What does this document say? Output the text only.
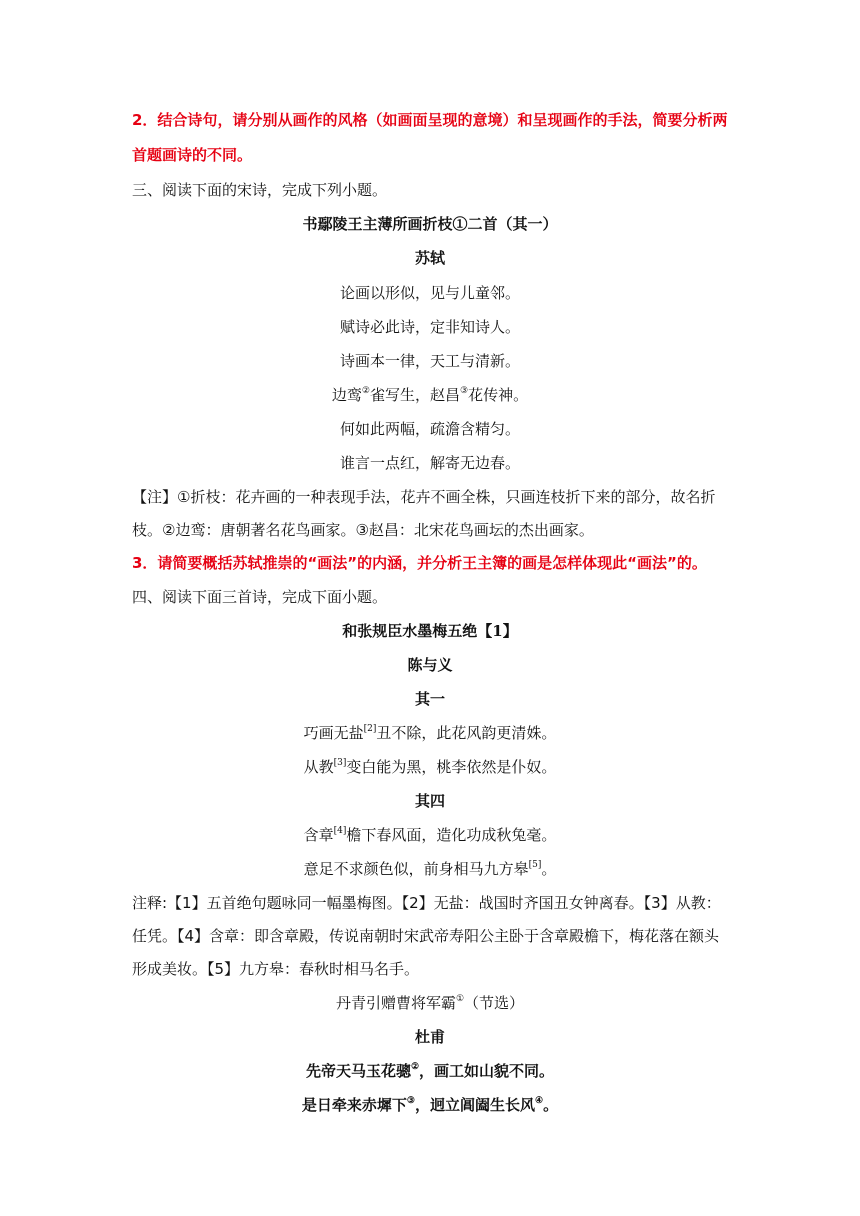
2．结合诗句，请分别从画作的风格（如画面呈现的意境）和呈现画作的手法，简要分析两
首题画诗的不同。
三、阅读下面的宋诗，完成下列小题。
书鄢陵王主薄所画折枝①二首（其一）
苏轼
论画以形似，见与儿童邻。
赋诗必此诗，定非知诗人。
诗画本一律，天工与清新。
边鸾②雀写生，赵昌③花传神。
何如此两幅，疏澹含精匀。
谁言一点红，解寄无边春。
【注】①折枝：花卉画的一种表现手法，花卉不画全株，只画连枝折下来的部分，故名折
枝。②边鸾：唐朝著名花鸟画家。③赵昌：北宋花鸟画坛的杰出画家。
3．请简要概括苏轼推崇的“画法”的内涵，并分析王主簿的画是怎样体现此“画法”的。
四、阅读下面三首诗，完成下面小题。
和张规臣水墨梅五绝【1】
陈与义
其一
巧画无盐[2]丑不除，此花风韵更清姝。
从教[3]变白能为黑，桃李依然是仆奴。
其四
含章[4]檐下春风面，造化功成秋兔毫。
意足不求颜色似，前身相马九方皋[5]。
注释:【1】五首绝句题咏同一幅墨梅图。【2】无盐：战国时齐国丑女钟离春。【3】从教：
任凭。【4】含章：即含章殿，传说南朝时宋武帝寿阳公主卧于含章殿檐下，梅花落在额头
形成美妆。【5】九方皋：春秋时相马名手。
丹青引赠曹将军霸①（节选）
杜甫
先帝天马玉花骢②，画工如山貌不同。
是日牵来赤墀下③，迥立阊阖生长风④。
